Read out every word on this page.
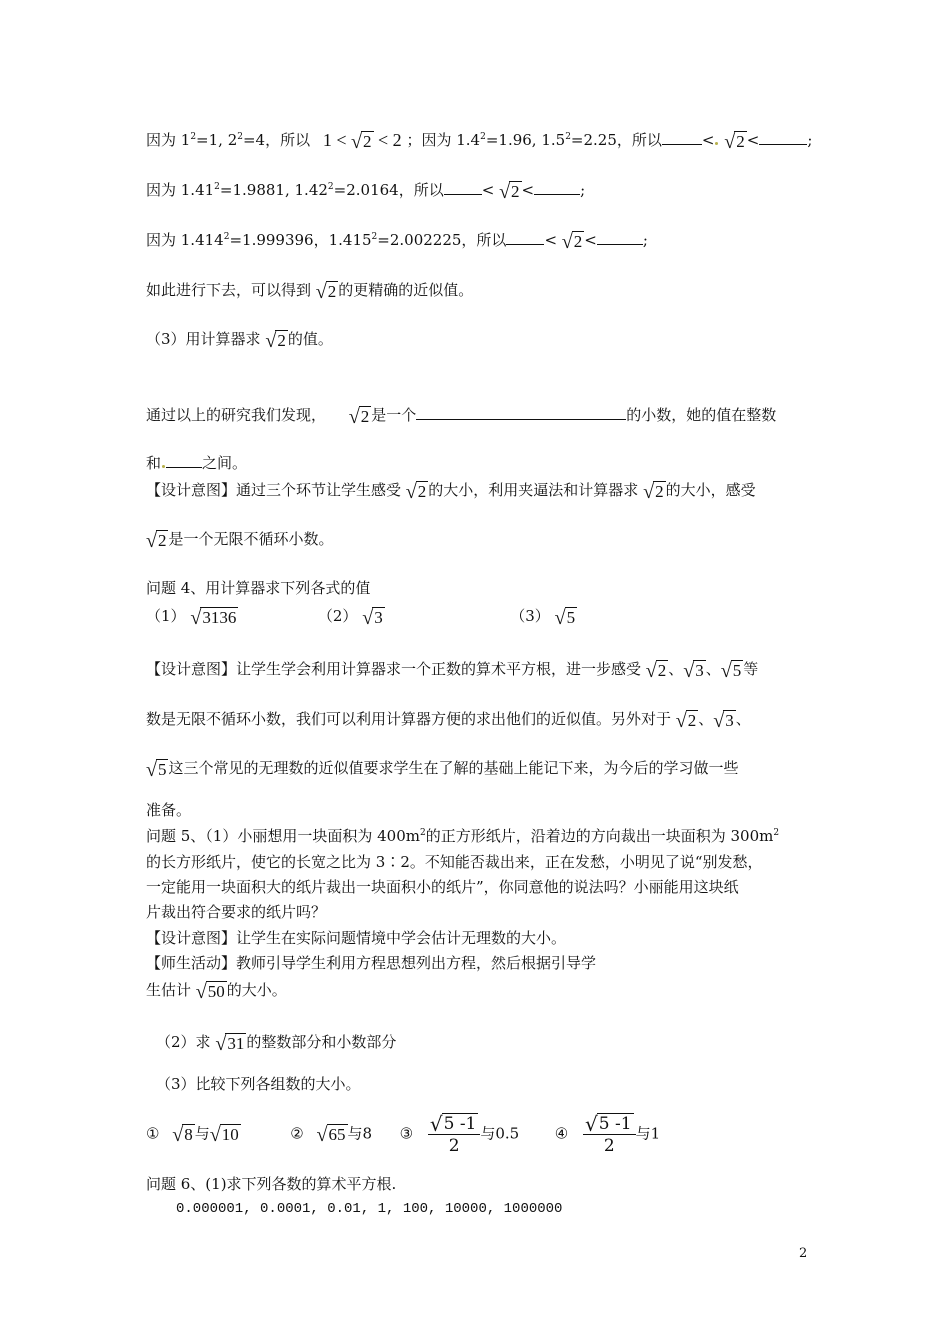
因为 $1^2=1$, $2^2=4$，所以 1 < √ 2 < 2 ；因为 $1.4^2=1.96$, $1.5^2=2.25$，所以	< √ 2 <	;
因为 $1.41^2=1.9881$, $1.42^2=2.0164$，所以	< √ 2 <	;
因为 $1.414^2=1.999396$，$1.415^2=2.002225$，所以	< √ 2 <	;
如此进行下去，可以得到 √ 2 的更精确的近似值。
（3）用计算器求 √ 2 的值。
通过以上的研究我们发现， √ 2 是一个	的小数，她的值在整数
和	之间。
【设计意图】通过三个环节让学生感受 √ 2 的大小，利用夹逼法和计算器求 √ 2 的大小，感受
√ 2 是一个无限不循环小数。
问题 4、用计算器求下列各式的值
（1） √ 3136	（2） √ 3	（3） √ 5
【设计意图】让学生学会利用计算器求一个正数的算术平方根，进一步感受 √ 2 、 √ 3 、 √ 5 等
数是无限不循环小数，我们可以利用计算器方便的求出他们的近似值。另外对于 √ 2 、 √ 3 、
√ 5 这三个常见的无理数的近似值要求学生在了解的基础上能记下来，为今后的学习做一些
准备。
问题 5、（1）小丽想用一块面积为 $400m^2$的正方形纸片，沿着边的方向裁出一块面积为 $300m^2$
的长方形纸片，使它的长宽之比为 3∶2。不知能否裁出来，正在发愁，小明见了说“别发愁，
一定能用一块面积大的纸片裁出一块面积小的纸片”，你同意他的说法吗？小丽能用这块纸
片裁出符合要求的纸片吗？
【设计意图】让学生在实际问题情境中学会估计无理数的大小。
【师生活动】教师引导学生利用方程思想列出方程，然后根据引导学
生估计 √ 50 的大小。
（2）求 √ 31 的整数部分和小数部分
（3）比较下列各组数的大小。
① √ 8 与 √ 10	② √ 65 与8 ③ $\frac{√ 5 -1}{2}$ 与0.5 ④ $\frac{√ 5 -1}{2}$ 与1
问题 6、(1)求下列各数的算术平方根.
0.000001, 0.0001, 0.01, 1, 100, 10000, 1000000
2
